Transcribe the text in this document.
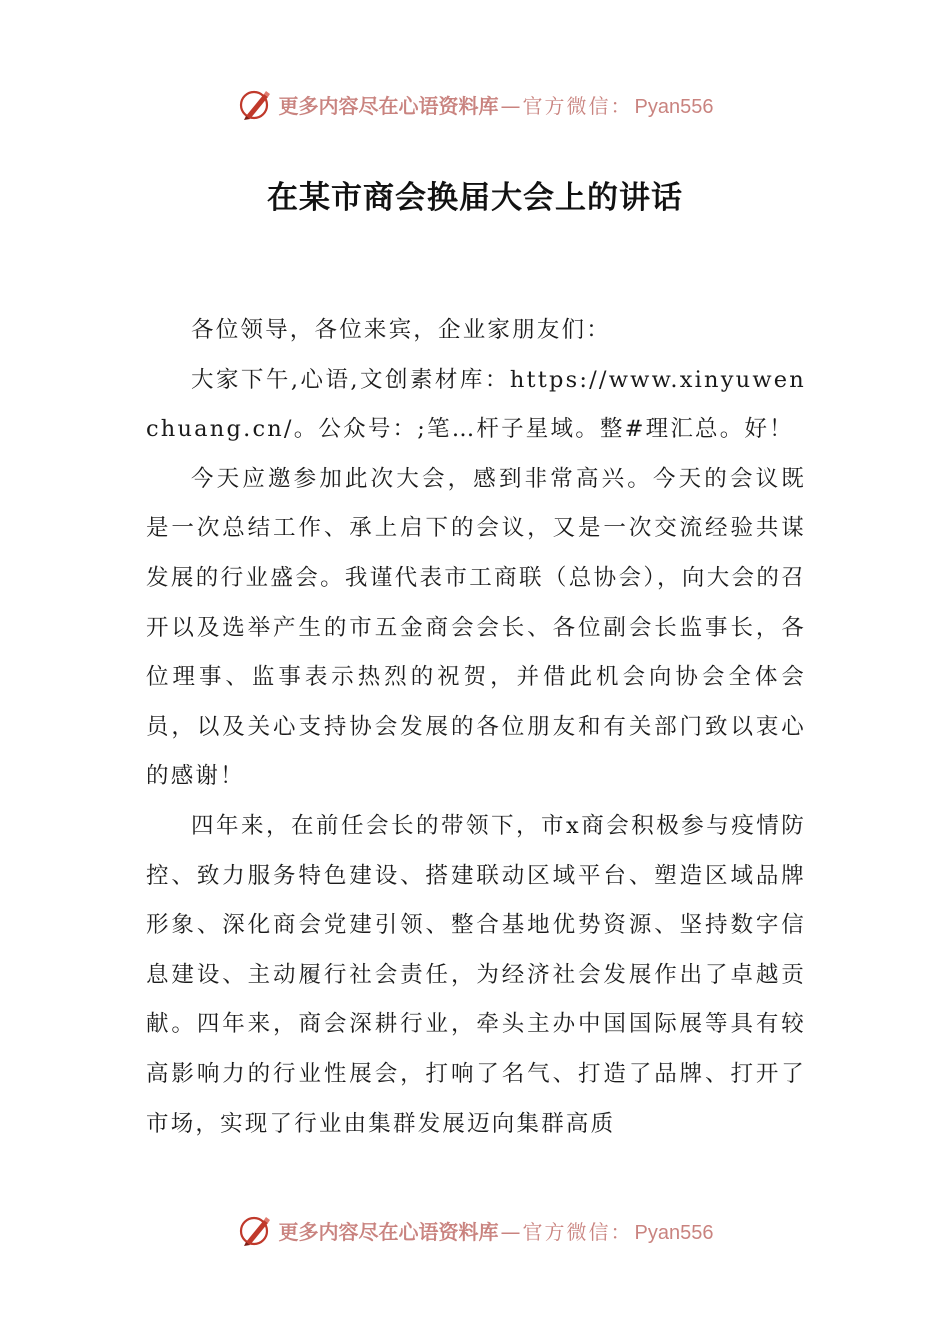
更多内容尽在心语资料库 — 官方微信： Pyan556
在某市商会换届大会上的讲话

各位领导，各位来宾，企业家朋友们：

大家下午,心语,文创素材库：https://www.xinyuwenchuang.cn/。公众号：;笔…杆子星域。整#理汇总。好！

今天应邀参加此次大会，感到非常高兴。今天的会议既是一次总结工作、承上启下的会议，又是一次交流经验共谋发展的行业盛会。我谨代表市工商联（总协会），向大会的召开以及选举产生的市五金商会会长、各位副会长监事长，各位理事、监事表示热烈的祝贺，并借此机会向协会全体会员，以及关心支持协会发展的各位朋友和有关部门致以衷心的感谢！

四年来，在前任会长的带领下，市x商会积极参与疫情防控、致力服务特色建设、搭建联动区域平台、塑造区域品牌形象、深化商会党建引领、整合基地优势资源、坚持数字信息建设、主动履行社会责任，为经济社会发展作出了卓越贡献。四年来，商会深耕行业，牵头主办中国国际展等具有较高影响力的行业性展会，打响了名气、打造了品牌、打开了市场，实现了行业由集群发展迈向集群高质

更多内容尽在心语资料库 — 官方微信： Pyan556
